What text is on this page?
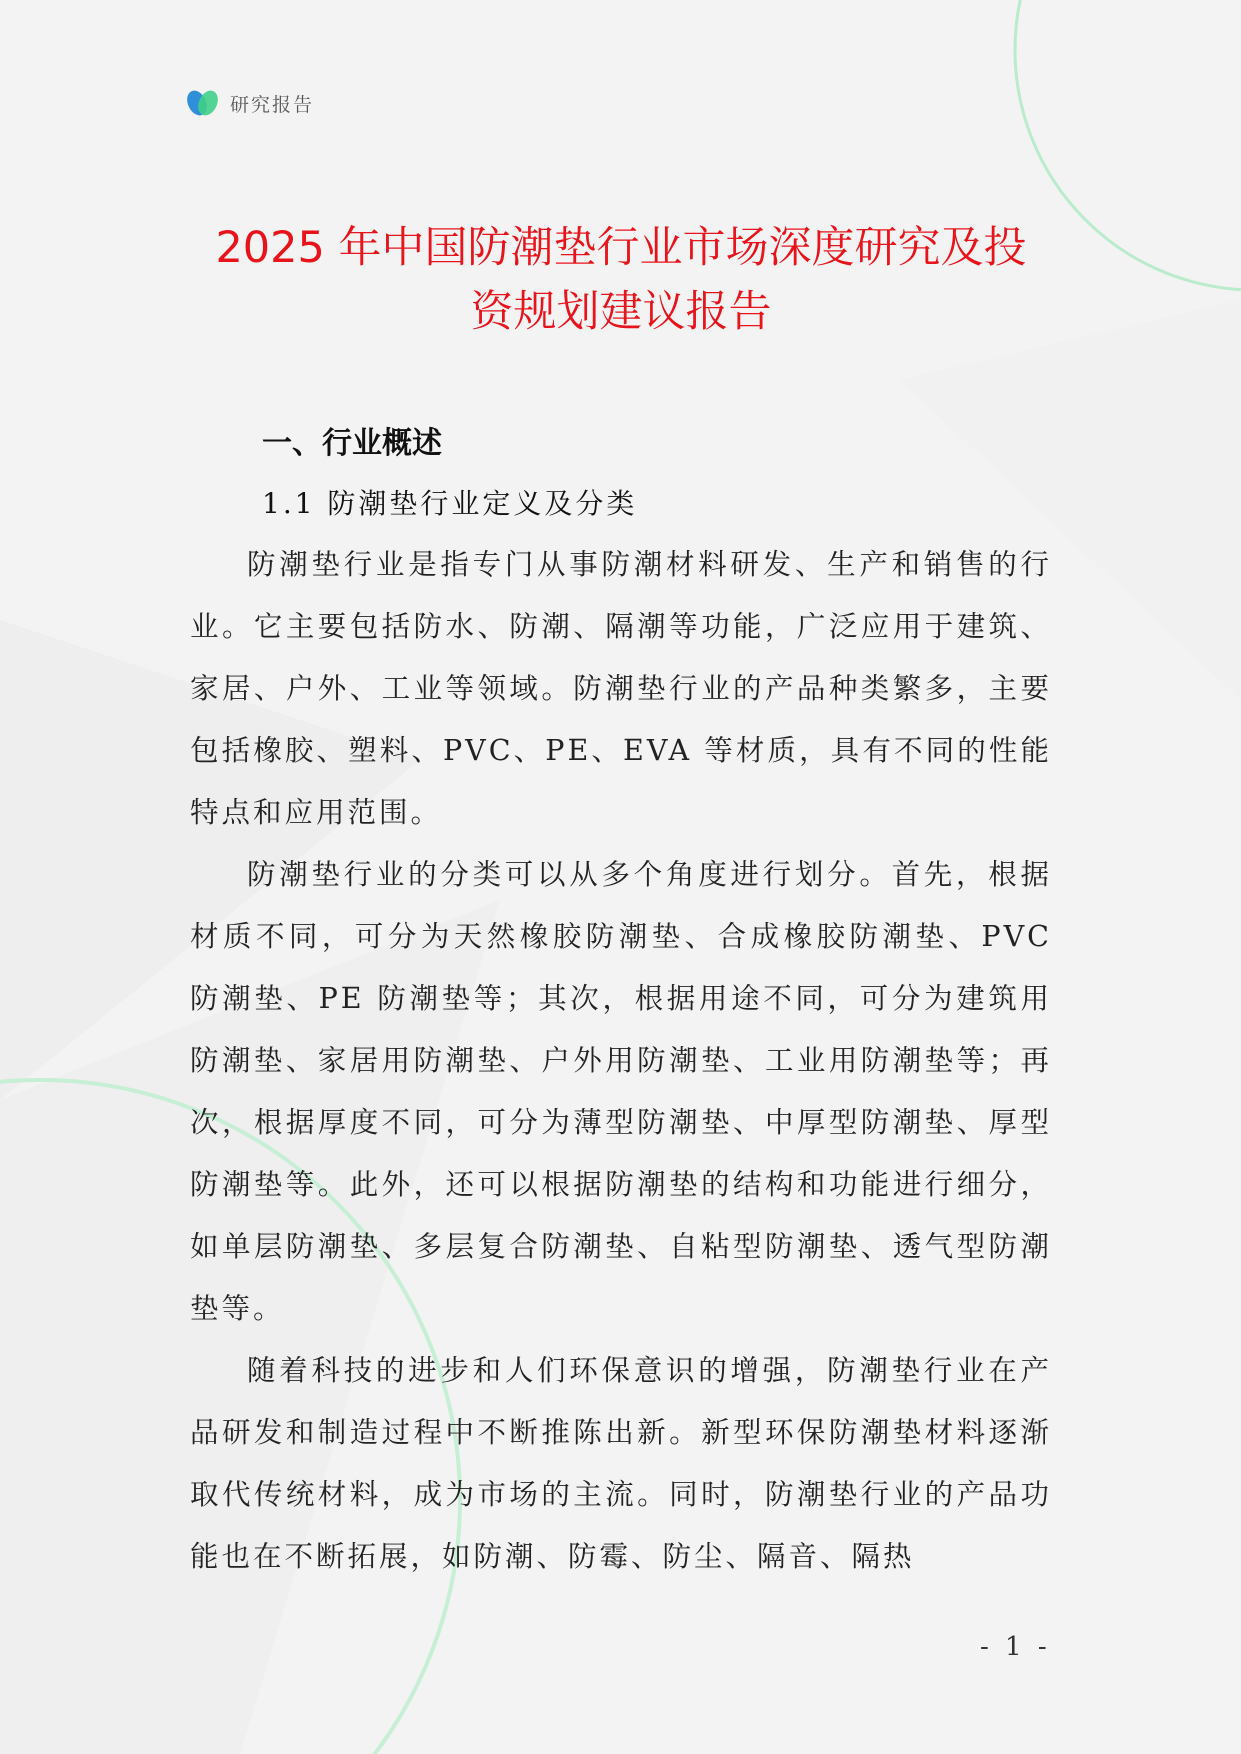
研究报告
2025 年中国防潮垫行业市场深度研究及投
资规划建议报告
一、行业概述
1.1 防潮垫行业定义及分类

防潮垫行业是指专门从事防潮材料研发、生产和销售的行业。它主要包括防水、防潮、隔潮等功能，广泛应用于建筑、家居、户外、工业等领域。防潮垫行业的产品种类繁多，主要包括橡胶、塑料、PVC、PE、EVA 等材质，具有不同的性能特点和应用范围。

防潮垫行业的分类可以从多个角度进行划分。首先，根据材质不同，可分为天然橡胶防潮垫、合成橡胶防潮垫、PVC 防潮垫、PE 防潮垫等；其次，根据用途不同，可分为建筑用防潮垫、家居用防潮垫、户外用防潮垫、工业用防潮垫等；再次，根据厚度不同，可分为薄型防潮垫、中厚型防潮垫、厚型防潮垫等。此外，还可以根据防潮垫的结构和功能进行细分，如单层防潮垫、多层复合防潮垫、自粘型防潮垫、透气型防潮垫等。

随着科技的进步和人们环保意识的增强，防潮垫行业在产品研发和制造过程中不断推陈出新。新型环保防潮垫材料逐渐取代传统材料，成为市场的主流。同时，防潮垫行业的产品功能也在不断拓展，如防潮、防霉、防尘、隔音、隔热

- 1 -
